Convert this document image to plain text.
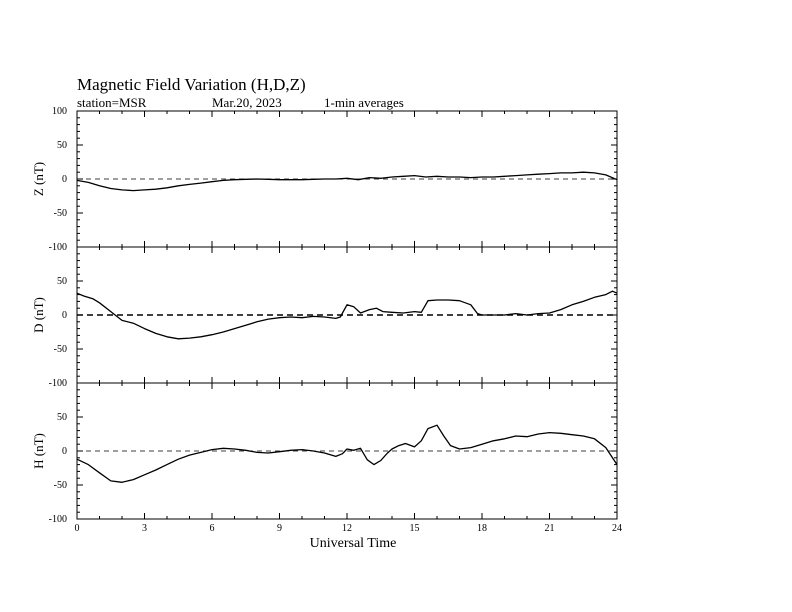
Magnetic Field Variation (H,D,Z)
station=MSR	Mar.20, 2023	1-min averages
-100
-50
0
50
100
Z (nT)
-100
-50
0
50
D (nT)
-100
-50
0
50
H (nT)
0	3	6	9	12	15	18	21	24
Universal Time
